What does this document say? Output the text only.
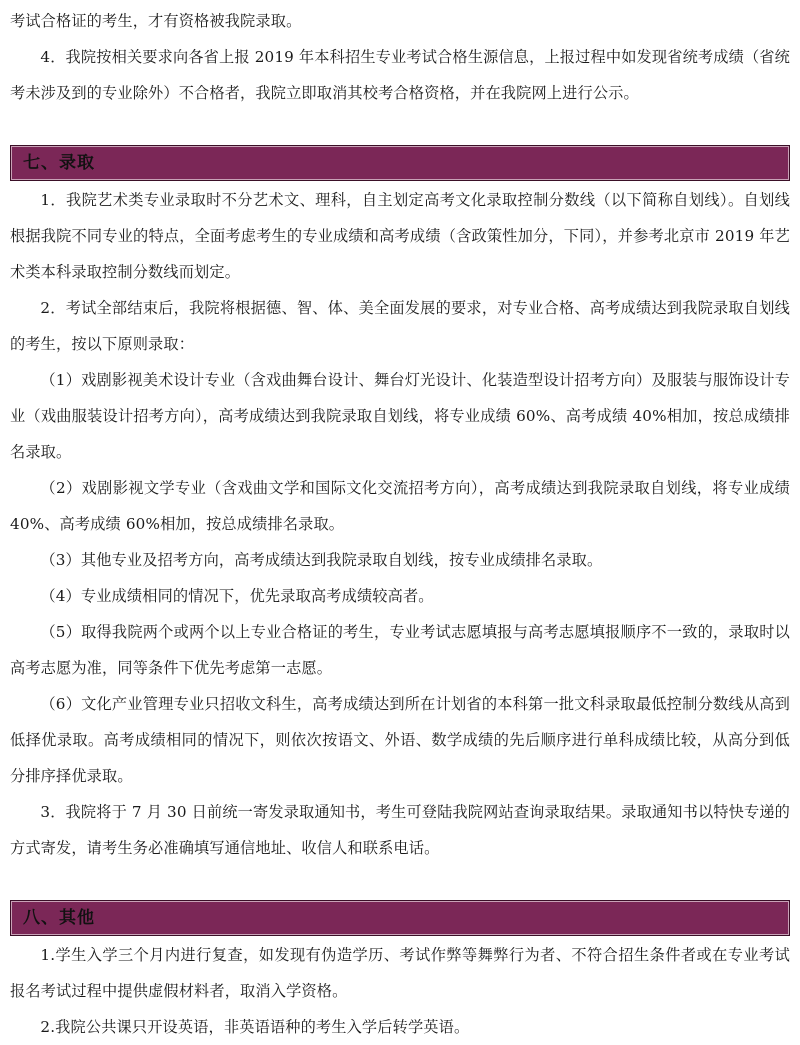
考试合格证的考生，才有资格被我院录取。

4．我院按相关要求向各省上报 2019 年本科招生专业考试合格生源信息，上报过程中如发现省统考成绩（省统考未涉及到的专业除外）不合格者，我院立即取消其校考合格资格，并在我院网上进行公示。

七、录取

1．我院艺术类专业录取时不分艺术文、理科，自主划定高考文化录取控制分数线（以下简称自划线）。自划线根据我院不同专业的特点，全面考虑考生的专业成绩和高考成绩（含政策性加分，下同），并参考北京市 2019 年艺术类本科录取控制分数线而划定。

2．考试全部结束后，我院将根据德、智、体、美全面发展的要求，对专业合格、高考成绩达到我院录取自划线的考生，按以下原则录取：

（1）戏剧影视美术设计专业（含戏曲舞台设计、舞台灯光设计、化装造型设计招考方向）及服装与服饰设计专业（戏曲服装设计招考方向），高考成绩达到我院录取自划线，将专业成绩 60%、高考成绩 40%相加，按总成绩排名录取。

（2）戏剧影视文学专业（含戏曲文学和国际文化交流招考方向），高考成绩达到我院录取自划线，将专业成绩 40%、高考成绩 60%相加，按总成绩排名录取。

（3）其他专业及招考方向，高考成绩达到我院录取自划线，按专业成绩排名录取。

（4）专业成绩相同的情况下，优先录取高考成绩较高者。

（5）取得我院两个或两个以上专业合格证的考生，专业考试志愿填报与高考志愿填报顺序不一致的，录取时以高考志愿为准，同等条件下优先考虑第一志愿。

（6）文化产业管理专业只招收文科生，高考成绩达到所在计划省的本科第一批文科录取最低控制分数线从高到低择优录取。高考成绩相同的情况下，则依次按语文、外语、数学成绩的先后顺序进行单科成绩比较，从高分到低分排序择优录取。

3．我院将于 7 月 30 日前统一寄发录取通知书，考生可登陆我院网站查询录取结果。录取通知书以特快专递的方式寄发，请考生务必准确填写通信地址、收信人和联系电话。

八、其他

1.学生入学三个月内进行复查，如发现有伪造学历、考试作弊等舞弊行为者、不符合招生条件者或在专业考试报名考试过程中提供虚假材料者，取消入学资格。

2.我院公共课只开设英语，非英语语种的考生入学后转学英语。
